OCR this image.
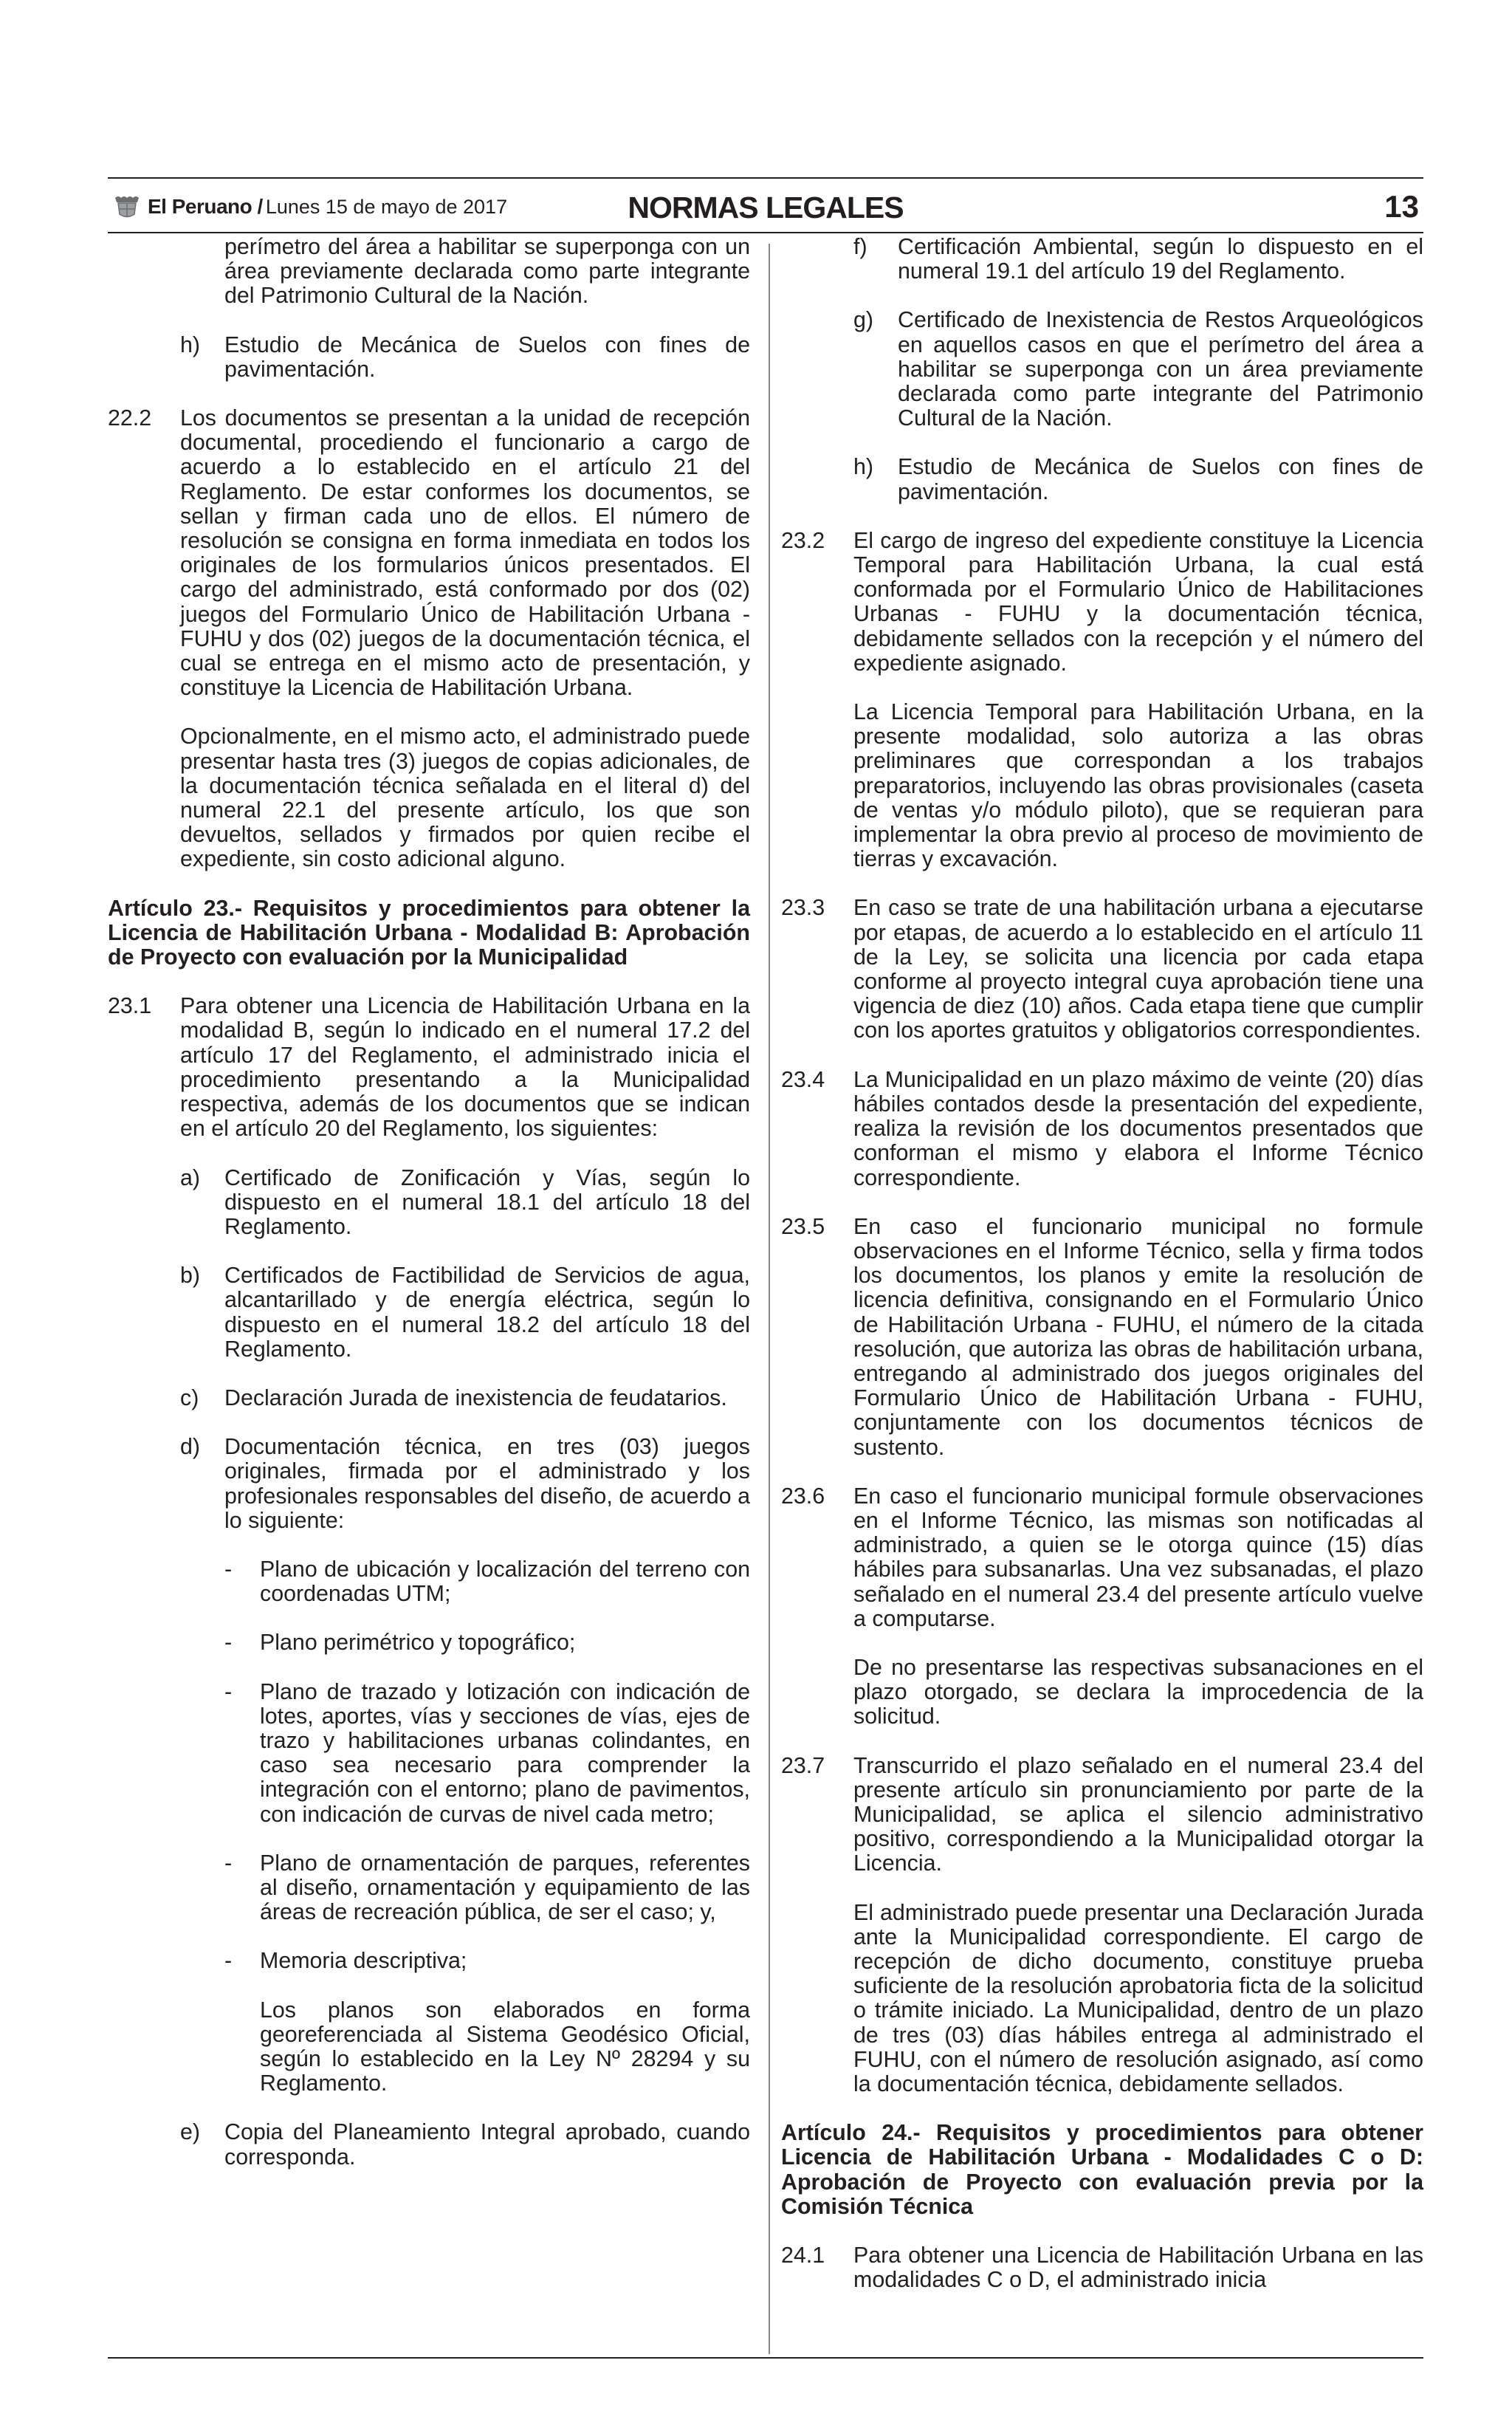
El Peruano / Lunes 15 de mayo de 2017	NORMAS LEGALES	13

perímetro del área a habilitar se superponga con un área previamente declarada como parte integrante del Patrimonio Cultural de la Nación.

h)	Estudio de Mecánica de Suelos con fines de pavimentación.

22.2	Los documentos se presentan a la unidad de recepción documental, procediendo el funcionario a cargo de acuerdo a lo establecido en el artículo 21 del Reglamento. De estar conformes los documentos, se sellan y firman cada uno de ellos. El número de resolución se consigna en forma inmediata en todos los originales de los formularios únicos presentados. El cargo del administrado, está conformado por dos (02) juegos del Formulario Único de Habilitación Urbana - FUHU y dos (02) juegos de la documentación técnica, el cual se entrega en el mismo acto de presentación, y constituye la Licencia de Habilitación Urbana.

Opcionalmente, en el mismo acto, el administrado puede presentar hasta tres (3) juegos de copias adicionales, de la documentación técnica señalada en el literal d) del numeral 22.1 del presente artículo, los que son devueltos, sellados y firmados por quien recibe el expediente, sin costo adicional alguno.

Artículo 23.- Requisitos y procedimientos para obtener la Licencia de Habilitación Urbana - Modalidad B: Aprobación de Proyecto con evaluación por la Municipalidad

23.1	Para obtener una Licencia de Habilitación Urbana en la modalidad B, según lo indicado en el numeral 17.2 del artículo 17 del Reglamento, el administrado inicia el procedimiento presentando a la Municipalidad respectiva, además de los documentos que se indican en el artículo 20 del Reglamento, los siguientes:

a)	Certificado de Zonificación y Vías, según lo dispuesto en el numeral 18.1 del artículo 18 del Reglamento.

b)	Certificados de Factibilidad de Servicios de agua, alcantarillado y de energía eléctrica, según lo dispuesto en el numeral 18.2 del artículo 18 del Reglamento.

c)	Declaración Jurada de inexistencia de feudatarios.

d)	Documentación técnica, en tres (03) juegos originales, firmada por el administrado y los profesionales responsables del diseño, de acuerdo a lo siguiente:

-	Plano de ubicación y localización del terreno con coordenadas UTM;

-	Plano perimétrico y topográfico;

-	Plano de trazado y lotización con indicación de lotes, aportes, vías y secciones de vías, ejes de trazo y habilitaciones urbanas colindantes, en caso sea necesario para comprender la integración con el entorno; plano de pavimentos, con indicación de curvas de nivel cada metro;

-	Plano de ornamentación de parques, referentes al diseño, ornamentación y equipamiento de las áreas de recreación pública, de ser el caso; y,

-	Memoria descriptiva;

Los planos son elaborados en forma georeferenciada al Sistema Geodésico Oficial, según lo establecido en la Ley Nº 28294 y su Reglamento.

e)	Copia del Planeamiento Integral aprobado, cuando corresponda.

f)	Certificación Ambiental, según lo dispuesto en el numeral 19.1 del artículo 19 del Reglamento.

g)	Certificado de Inexistencia de Restos Arqueológicos en aquellos casos en que el perímetro del área a habilitar se superponga con un área previamente declarada como parte integrante del Patrimonio Cultural de la Nación.

h)	Estudio de Mecánica de Suelos con fines de pavimentación.

23.2	El cargo de ingreso del expediente constituye la Licencia Temporal para Habilitación Urbana, la cual está conformada por el Formulario Único de Habilitaciones Urbanas - FUHU y la documentación técnica, debidamente sellados con la recepción y el número del expediente asignado.

La Licencia Temporal para Habilitación Urbana, en la presente modalidad, solo autoriza a las obras preliminares que correspondan a los trabajos preparatorios, incluyendo las obras provisionales (caseta de ventas y/o módulo piloto), que se requieran para implementar la obra previo al proceso de movimiento de tierras y excavación.

23.3	En caso se trate de una habilitación urbana a ejecutarse por etapas, de acuerdo a lo establecido en el artículo 11 de la Ley, se solicita una licencia por cada etapa conforme al proyecto integral cuya aprobación tiene una vigencia de diez (10) años. Cada etapa tiene que cumplir con los aportes gratuitos y obligatorios correspondientes.

23.4	La Municipalidad en un plazo máximo de veinte (20) días hábiles contados desde la presentación del expediente, realiza la revisión de los documentos presentados que conforman el mismo y elabora el Informe Técnico correspondiente.

23.5	En caso el funcionario municipal no formule observaciones en el Informe Técnico, sella y firma todos los documentos, los planos y emite la resolución de licencia definitiva, consignando en el Formulario Único de Habilitación Urbana - FUHU, el número de la citada resolución, que autoriza las obras de habilitación urbana, entregando al administrado dos juegos originales del Formulario Único de Habilitación Urbana - FUHU, conjuntamente con los documentos técnicos de sustento.

23.6	En caso el funcionario municipal formule observaciones en el Informe Técnico, las mismas son notificadas al administrado, a quien se le otorga quince (15) días hábiles para subsanarlas. Una vez subsanadas, el plazo señalado en el numeral 23.4 del presente artículo vuelve a computarse.

De no presentarse las respectivas subsanaciones en el plazo otorgado, se declara la improcedencia de la solicitud.

23.7	Transcurrido el plazo señalado en el numeral 23.4 del presente artículo sin pronunciamiento por parte de la Municipalidad, se aplica el silencio administrativo positivo, correspondiendo a la Municipalidad otorgar la Licencia.

El administrado puede presentar una Declaración Jurada ante la Municipalidad correspondiente. El cargo de recepción de dicho documento, constituye prueba suficiente de la resolución aprobatoria ficta de la solicitud o trámite iniciado. La Municipalidad, dentro de un plazo de tres (03) días hábiles entrega al administrado el FUHU, con el número de resolución asignado, así como la documentación técnica, debidamente sellados.

Artículo 24.- Requisitos y procedimientos para obtener Licencia de Habilitación Urbana - Modalidades C o D: Aprobación de Proyecto con evaluación previa por la Comisión Técnica

24.1	Para obtener una Licencia de Habilitación Urbana en las modalidades C o D, el administrado inicia
